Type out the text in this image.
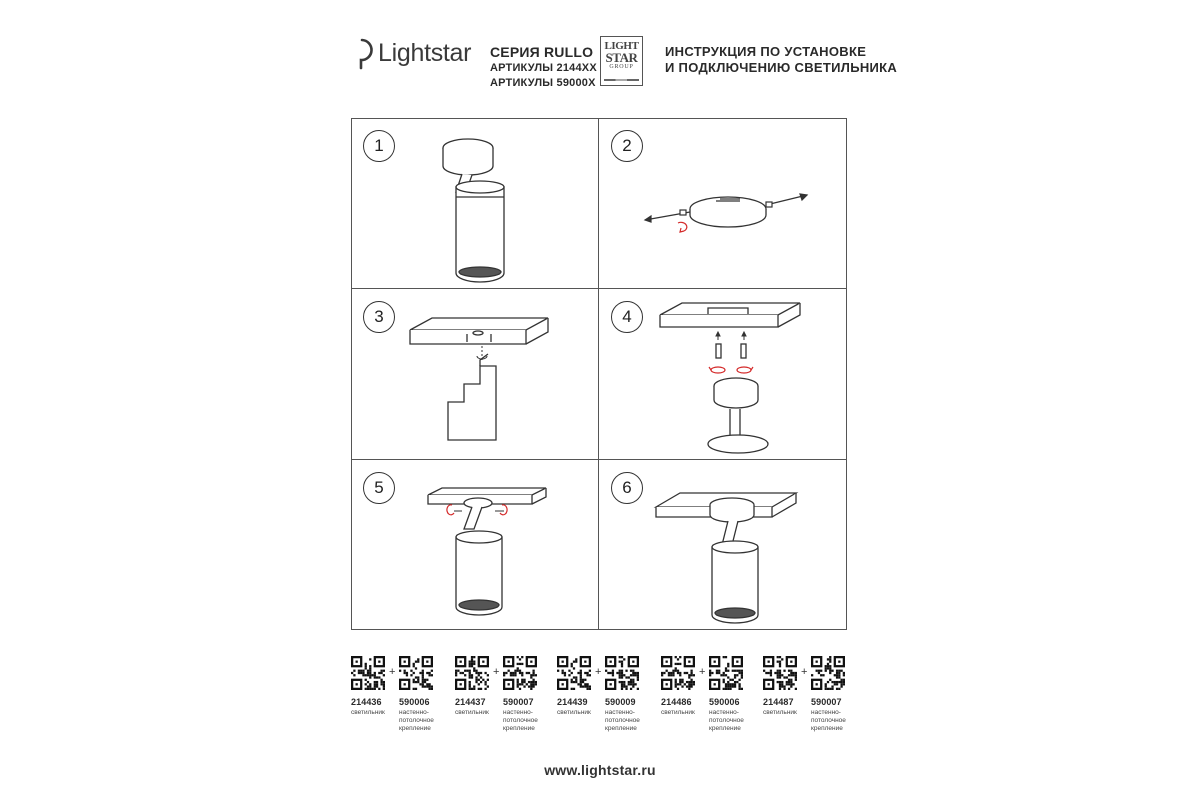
Lightstar СЕРИЯ RULLO
АРТИКУЛЫ 2144XX
АРТИКУЛЫ 59000X
LIGHT
STAR
GROUP
ИНСТРУКЦИЯ ПО УСТАНОВКЕ
И ПОДКЛЮЧЕНИЮ СВЕТИЛЬНИКА
1	2
3	4
5	6
+
214436 590006
светильник настенно-потолочное крепление
+
214437 590007
светильник настенно-потолочное крепление
+
214439 590009
светильник настенно-потолочное крепление
+
214486 590006
светильник настенно-потолочное крепление
+
214487 590007
светильник настенно-потолочное крепление
www.lightstar.ru
